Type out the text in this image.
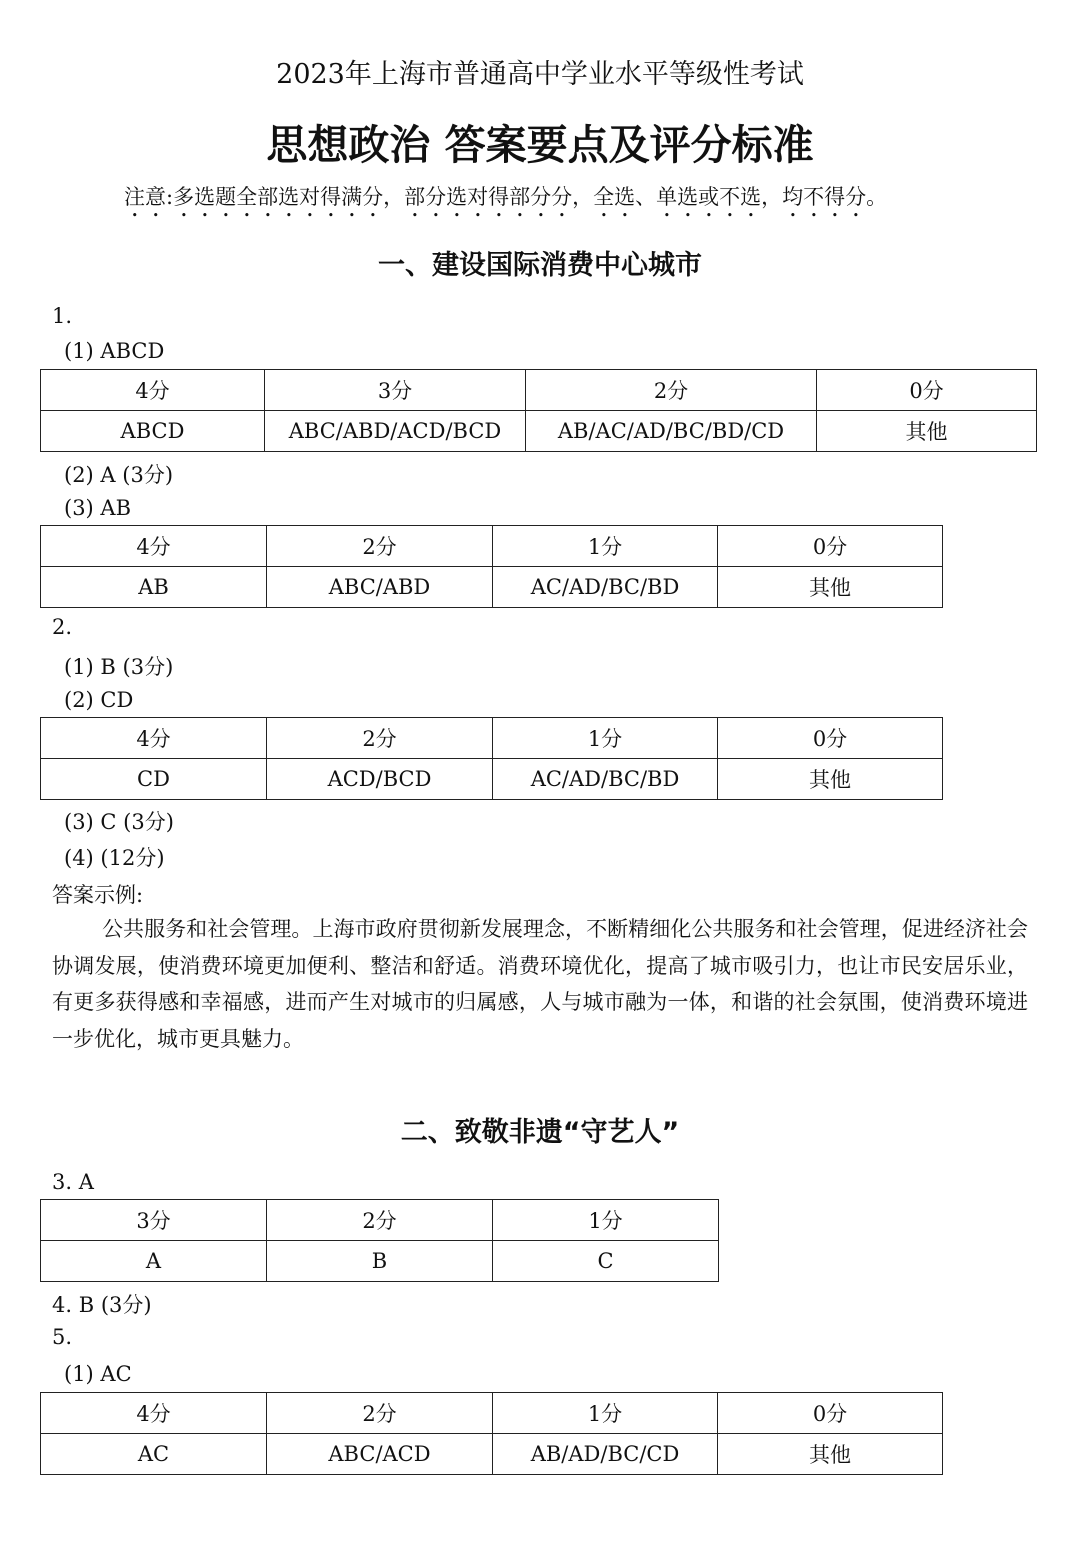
2023年上海市普通高中学业水平等级性考试
思想政治 答案要点及评分标准
注意:多选题全部选对得满分，部分选对得部分分，全选、单选或不选，均不得分。
一、建设国际消费中心城市
1.
(1) ABCD
4分	3分	2分	0分
ABCD	ABC/ABD/ACD/BCD	AB/AC/AD/BC/BD/CD	其他
(2) A (3分)
(3) AB
4分	2分	1分	0分
AB	ABC/ABD	AC/AD/BC/BD	其他
2.
(1) B (3分)
(2) CD
4分	2分	1分	0分
CD	ACD/BCD	AC/AD/BC/BD	其他
(3) C (3分)
(4) (12分)
答案示例:
公共服务和社会管理。上海市政府贯彻新发展理念，不断精细化公共服务和社会管理，促进经济社会协调发展，使消费环境更加便利、整洁和舒适。消费环境优化，提高了城市吸引力，也让市民安居乐业，有更多获得感和幸福感，进而产生对城市的归属感，人与城市融为一体，和谐的社会氛围，使消费环境进一步优化，城市更具魅力。
二、致敬非遗“守艺人”
3. A
3分	2分	1分
A	B	C
4. B (3分)
5.
(1) AC
4分	2分	1分	0分
AC	ABC/ACD	AB/AD/BC/CD	其他
